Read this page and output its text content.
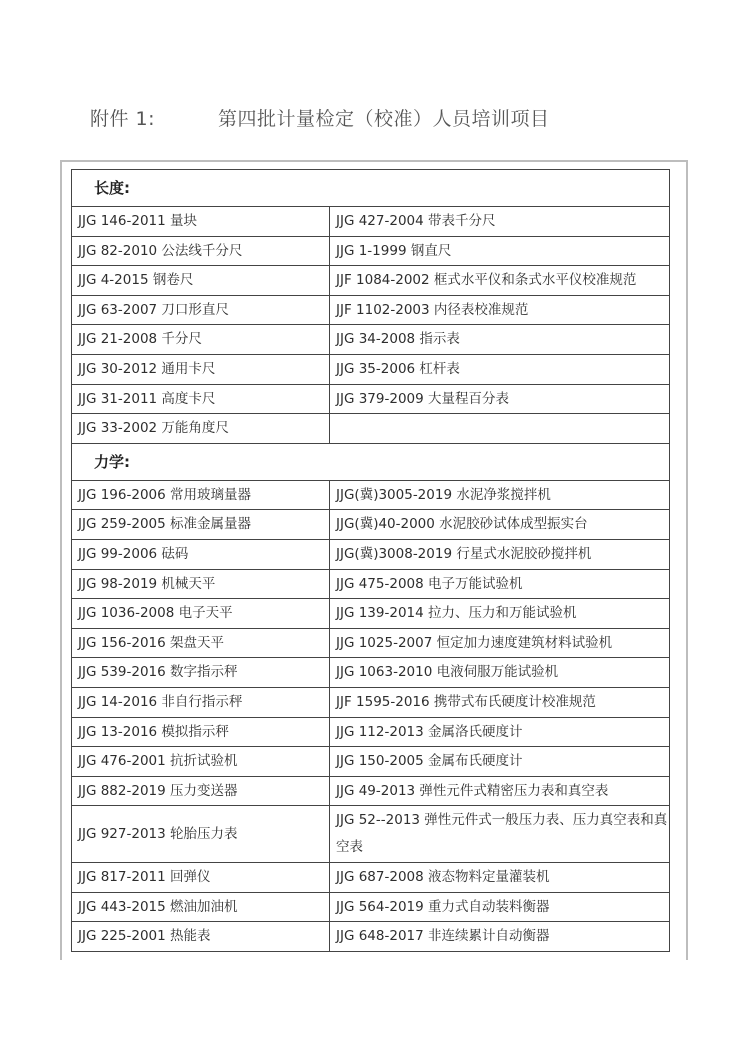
附件 1:	第四批计量检定（校准）人员培训项目
长度:	
JJG 146-2011 量块	JJG 427-2004 带表千分尺
JJG 82-2010 公法线千分尺	JJG 1-1999 钢直尺
JJG 4-2015 钢卷尺	JJF 1084-2002 框式水平仪和条式水平仪校准规范
JJG 63-2007 刀口形直尺	JJF 1102-2003 内径表校准规范
JJG 21-2008 千分尺	JJG 34-2008 指示表
JJG 30-2012 通用卡尺	JJG 35-2006 杠杆表
JJG 31-2011 高度卡尺	JJG 379-2009 大量程百分表
JJG 33-2002 万能角度尺	
力学:	
JJG 196-2006 常用玻璃量器	JJG(冀)3005-2019 水泥净浆搅拌机
JJG 259-2005 标准金属量器	JJG(冀)40-2000 水泥胶砂试体成型振实台
JJG 99-2006 砝码	JJG(冀)3008-2019 行星式水泥胶砂搅拌机
JJG 98-2019 机械天平	JJG 475-2008 电子万能试验机
JJG 1036-2008 电子天平	JJG 139-2014 拉力、压力和万能试验机
JJG 156-2016 架盘天平	JJG 1025-2007 恒定加力速度建筑材料试验机
JJG 539-2016 数字指示秤	JJG 1063-2010 电液伺服万能试验机
JJG 14-2016 非自行指示秤	JJF 1595-2016 携带式布氏硬度计校准规范
JJG 13-2016 模拟指示秤	JJG 112-2013 金属洛氏硬度计
JJG 476-2001 抗折试验机	JJG 150-2005 金属布氏硬度计
JJG 882-2019 压力变送器	JJG 49-2013 弹性元件式精密压力表和真空表
JJG 927-2013 轮胎压力表	JJG 52--2013 弹性元件式一般压力表、压力真空表和真空表
JJG 817-2011 回弹仪	JJG 687-2008 液态物料定量灌装机
JJG 443-2015 燃油加油机	JJG 564-2019 重力式自动装料衡器
JJG 225-2001 热能表	JJG 648-2017 非连续累计自动衡器
